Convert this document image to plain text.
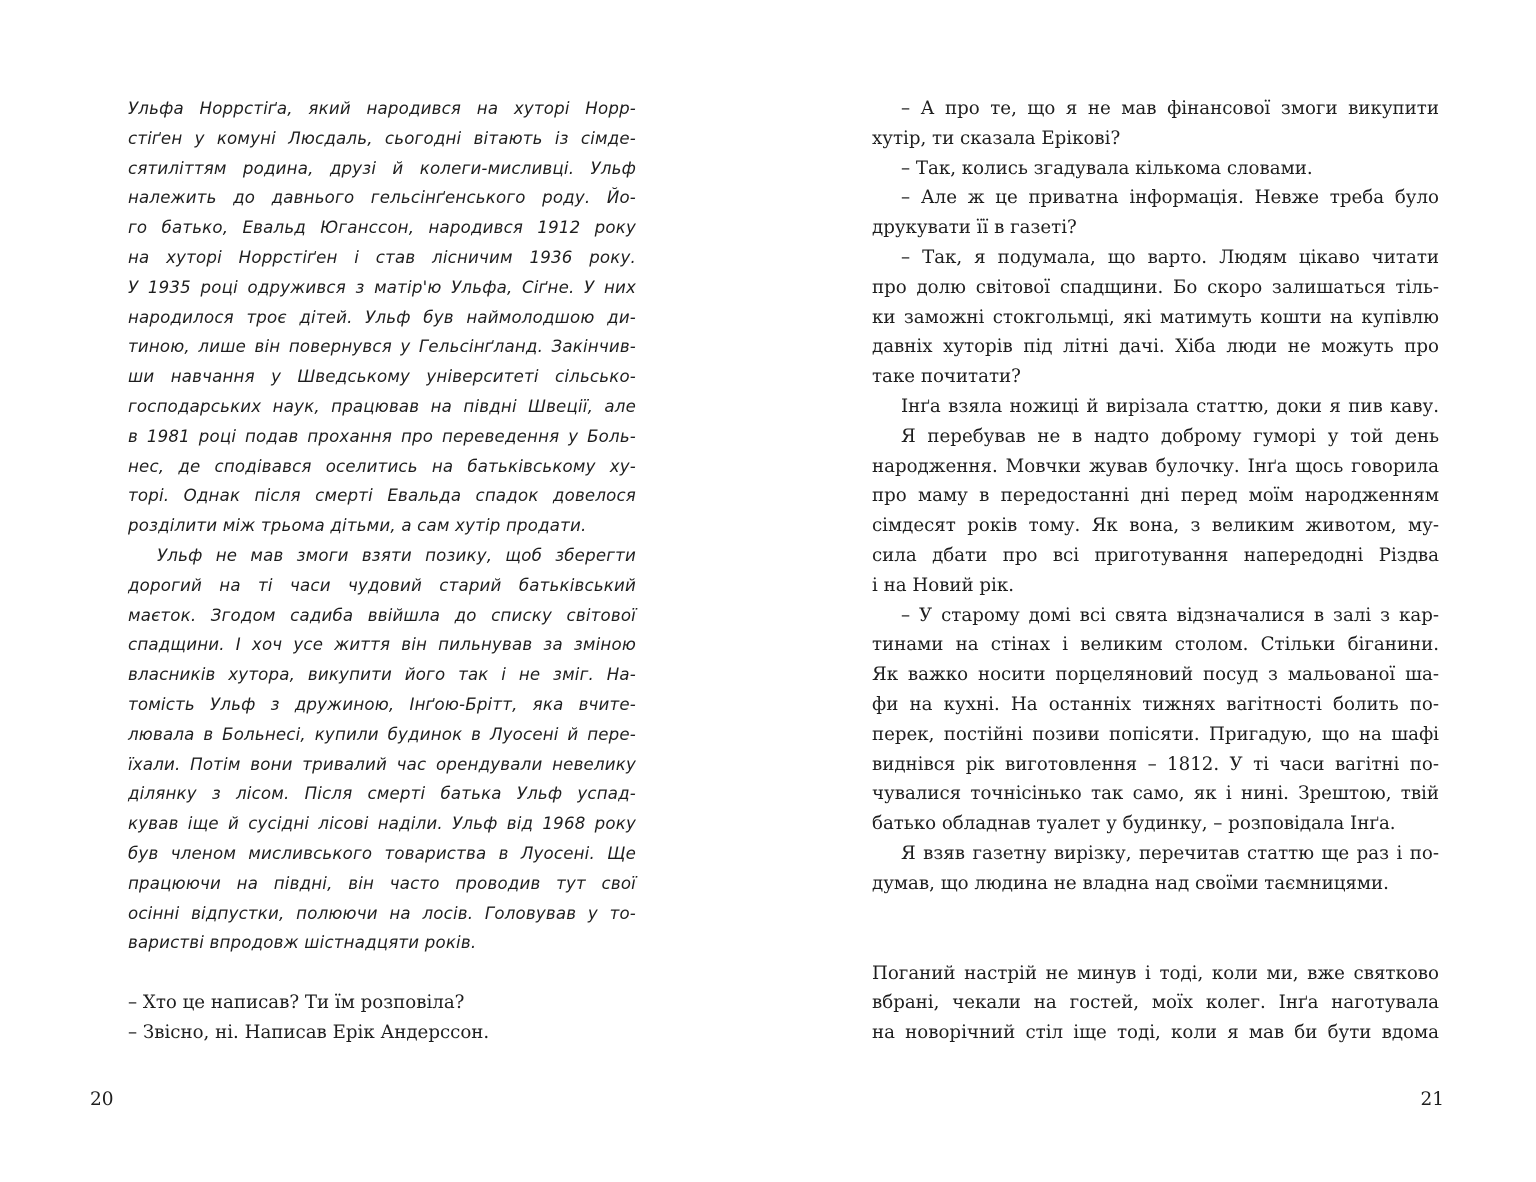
Ульфа Норрстіґа, який народився на хуторі Норр-
стіґен у комуні Люсдаль, сьогодні вітають із сімде-
сятиліттям родина, друзі й колеги-мисливці. Ульф
належить до давнього гельсінґенського роду. Йо-
го батько, Евальд Юганссон, народився 1912 року
на хуторі Норрстіґен і став лісничим 1936 року.
У 1935 році одружився з матір'ю Ульфа, Сіґне. У них
народилося троє дітей. Ульф був наймолодшою ди-
тиною, лише він повернувся у Гельсінґланд. Закінчив-
ши навчання у Шведському університеті сільсько-
господарських наук, працював на півдні Швеції, але
в 1981 році подав прохання про переведення у Боль-
нес, де сподівався оселитись на батьківському ху-
торі. Однак після смерті Евальда спадок довелося
розділити між трьома дітьми, а сам хутір продати.
Ульф не мав змоги взяти позику, щоб зберегти
дорогий на ті часи чудовий старий батьківський
маєток. Згодом садиба ввійшла до списку світової
спадщини. І хоч усе життя він пильнував за зміною
власників хутора, викупити його так і не зміг. На-
томість Ульф з дружиною, Інґою-Брітт, яка вчите-
лювала в Больнесі, купили будинок в Луосені й пере-
їхали. Потім вони тривалий час орендували невелику
ділянку з лісом. Після смерті батька Ульф успад-
кував іще й сусідні лісові наділи. Ульф від 1968 року
був членом мисливського товариства в Луосені. Ще
працюючи на півдні, він часто проводив тут свої
осінні відпустки, полюючи на лосів. Головував у то-
варистві впродовж шістнадцяти років.
– Хто це написав? Ти їм розповіла?
– Звісно, ні. Написав Ерік Андерссон.
20
– А про те, що я не мав фінансової змоги викупити
хутір, ти сказала Ерікові?
– Так, колись згадувала кількома словами.
– Але ж це приватна інформація. Невже треба було
друкувати її в газеті?
– Так, я подумала, що варто. Людям цікаво читати
про долю світової спадщини. Бо скоро залишаться тіль-
ки заможні стокгольмці, які матимуть кошти на купівлю
давніх хуторів під літні дачі. Хіба люди не можуть про
таке почитати?
Інґа взяла ножиці й вирізала статтю, доки я пив каву.
Я перебував не в надто доброму гуморі у той день
народження. Мовчки жував булочку. Інґа щось говорила
про маму в передостанні дні перед моїм народженням
сімдесят років тому. Як вона, з великим животом, му-
сила дбати про всі приготування напередодні Різдва
і на Новий рік.
– У старому домі всі свята відзначалися в залі з кар-
тинами на стінах і великим столом. Стільки біганини.
Як важко носити порцеляновий посуд з мальованої ша-
фи на кухні. На останніх тижнях вагітності болить по-
перек, постійні позиви попісяти. Пригадую, що на шафі
виднівся рік виготовлення – 1812. У ті часи вагітні по-
чувалися точнісінько так само, як і нині. Зрештою, твій
батько обладнав туалет у будинку, – розповідала Інґа.
Я взяв газетну вирізку, перечитав статтю ще раз і по-
думав, що людина не владна над своїми таємницями.
Поганий настрій не минув і тоді, коли ми, вже святково
вбрані, чекали на гостей, моїх колег. Інґа наготувала
на новорічний стіл іще тоді, коли я мав би бути вдома
21
